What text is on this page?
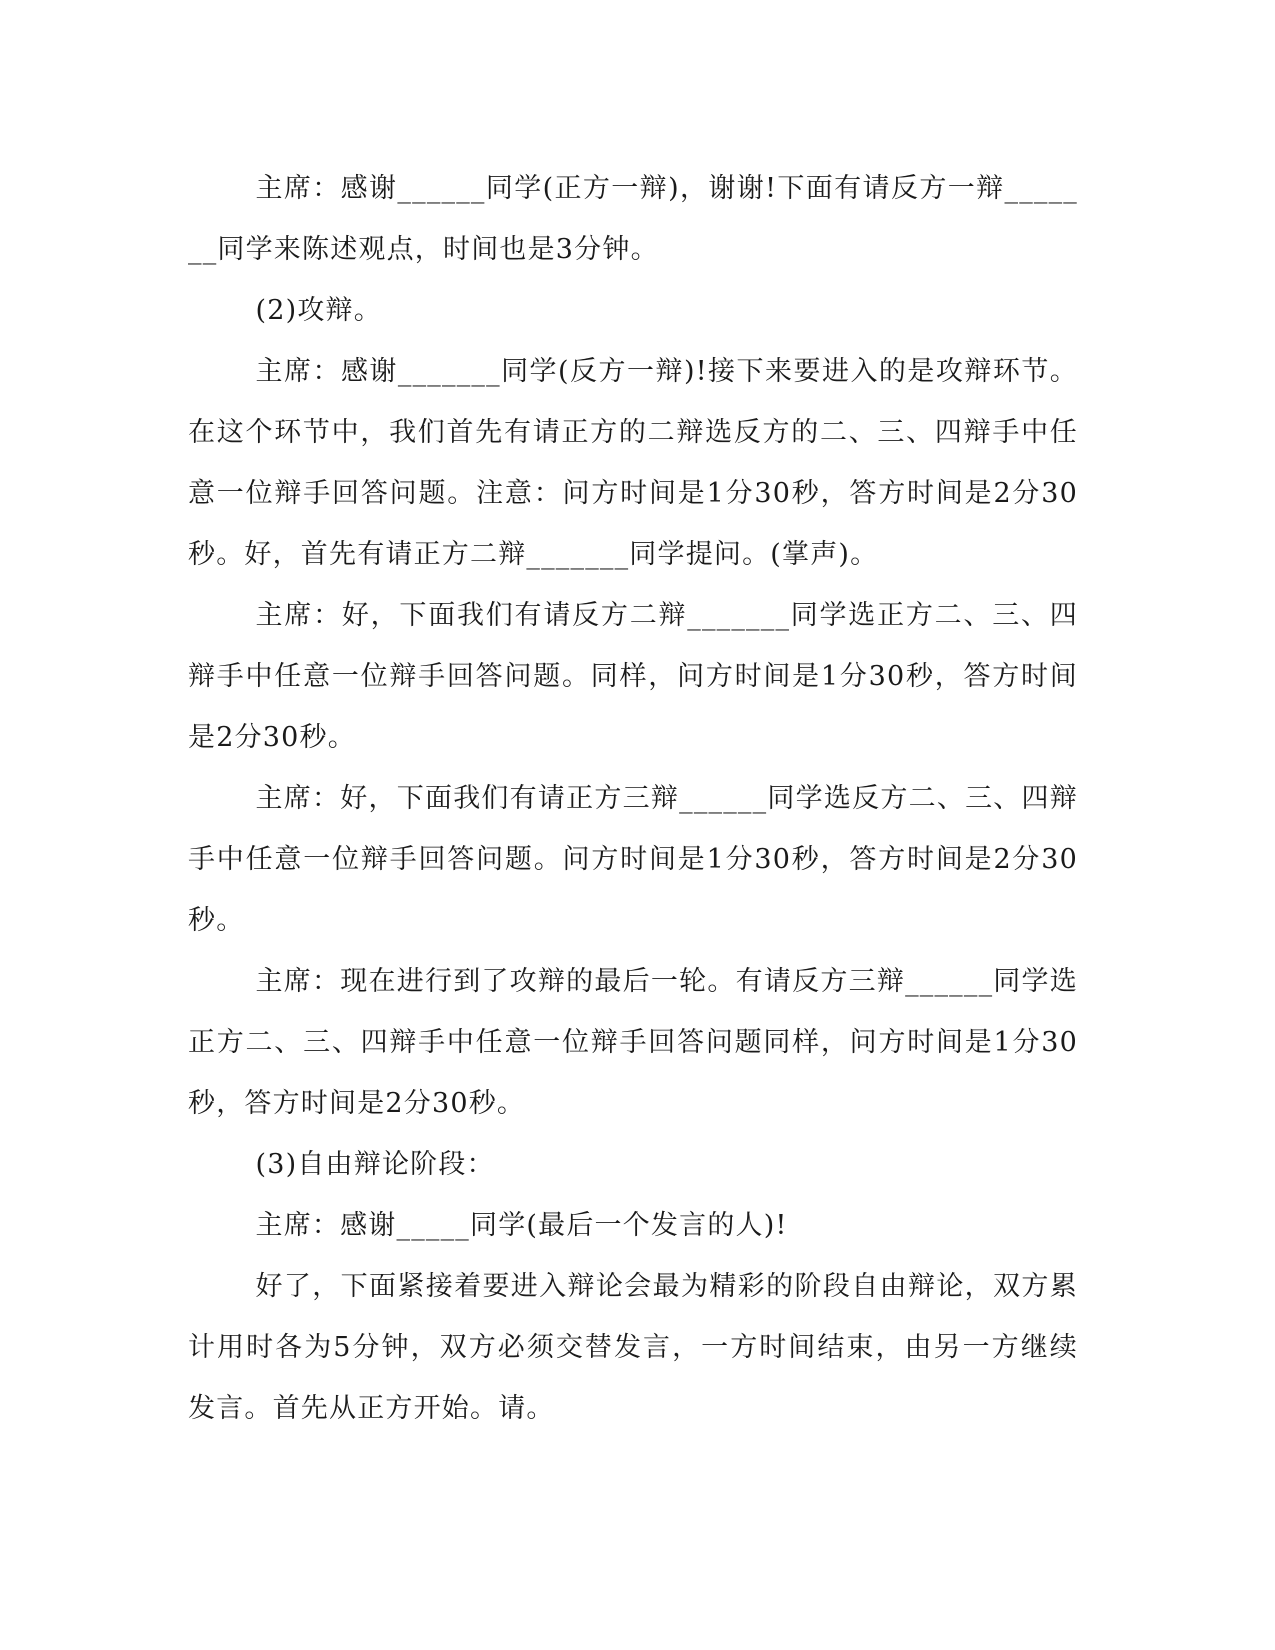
主席：感谢______同学(正方一辩)，谢谢!下面有请反方一辩_______同学来陈述观点，时间也是3分钟。

(2)攻辩。

主席：感谢_______同学(反方一辩)!接下来要进入的是攻辩环节。在这个环节中，我们首先有请正方的二辩选反方的二、三、四辩手中任意一位辩手回答问题。注意：问方时间是1分30秒，答方时间是2分30秒。好，首先有请正方二辩_______同学提问。(掌声)。

主席：好，下面我们有请反方二辩_______同学选正方二、三、四辩手中任意一位辩手回答问题。同样，问方时间是1分30秒，答方时间是2分30秒。

主席：好，下面我们有请正方三辩______同学选反方二、三、四辩手中任意一位辩手回答问题。问方时间是1分30秒，答方时间是2分30秒。

主席：现在进行到了攻辩的最后一轮。有请反方三辩______同学选正方二、三、四辩手中任意一位辩手回答问题同样，问方时间是1分30秒，答方时间是2分30秒。

(3)自由辩论阶段：

主席：感谢_____同学(最后一个发言的人)!

好了，下面紧接着要进入辩论会最为精彩的阶段自由辩论，双方累计用时各为5分钟，双方必须交替发言，一方时间结束，由另一方继续发言。首先从正方开始。请。
